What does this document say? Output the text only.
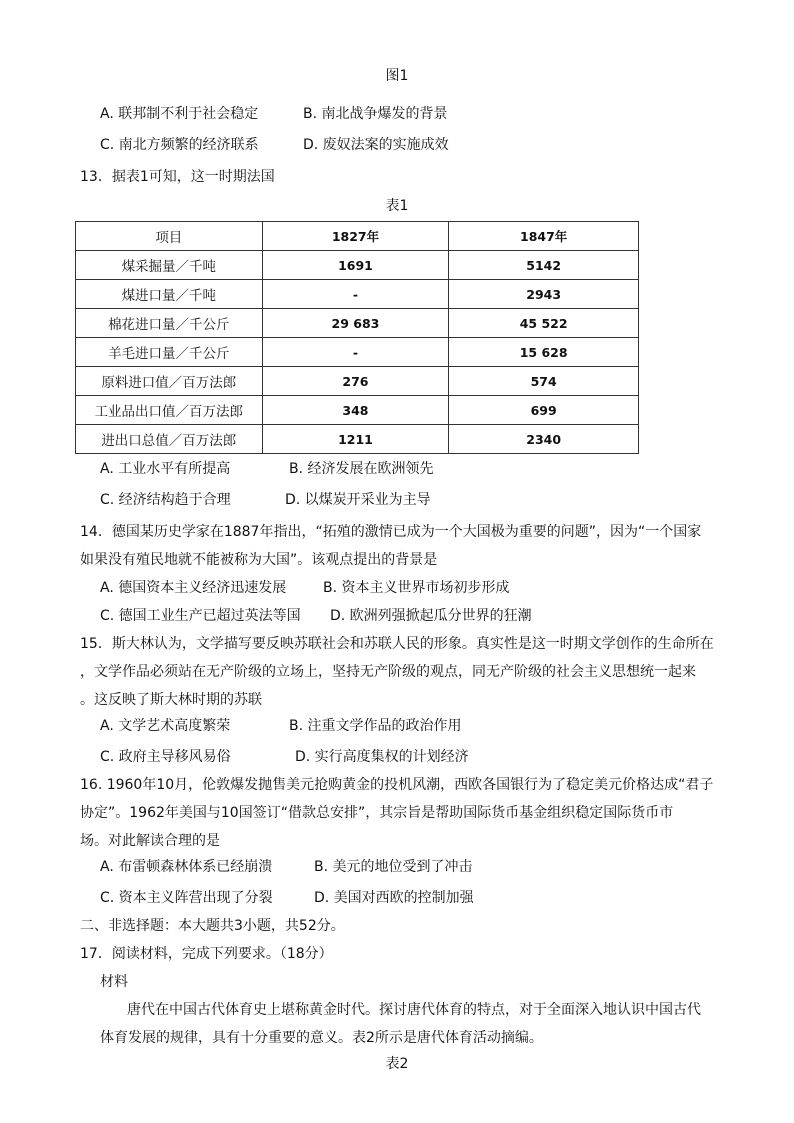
图1
A. 联邦制不利于社会稳定	B. 南北战争爆发的背景
C. 南北方频繁的经济联系	D. 废奴法案的实施成效
13．据表1可知，这一时期法国
表1
项目	1827年	1847年
煤采掘量／千吨	1691	5142
煤进口量／千吨	-	2943
棉花进口量／千公斤	29 683	45 522
羊毛进口量／千公斤	-	15 628
原料进口值／百万法郎	276	574
工业品出口值／百万法郎	348	699
进出口总值／百万法郎	1211	2340
A. 工业水平有所提高	B. 经济发展在欧洲领先
C. 经济结构趋于合理	D. 以煤炭开采业为主导
14．德国某历史学家在1887年指出，“拓殖的激情已成为一个大国极为重要的问题”，因为“一个国家
如果没有殖民地就不能被称为大国”。该观点提出的背景是
A. 德国资本主义经济迅速发展	B. 资本主义世界市场初步形成
C. 德国工业生产已超过英法等国 D. 欧洲列强掀起瓜分世界的狂潮
15．斯大林认为，文学描写要反映苏联社会和苏联人民的形象。真实性是这一时期文学创作的生命所在
，文学作品必须站在无产阶级的立场上，坚持无产阶级的观点，同无产阶级的社会主义思想统一起来
。这反映了斯大林时期的苏联
A. 文学艺术高度繁荣	B. 注重文学作品的政治作用
C. 政府主导移风易俗	D. 实行高度集权的计划经济
16. 1960年10月，伦敦爆发抛售美元抢购黄金的投机风潮，西欧各国银行为了稳定美元价格达成“君子
协定”。1962年美国与10国签订“借款总安排”，其宗旨是帮助国际货币基金组织稳定国际货币市
场。对此解读合理的是
A. 布雷顿森林体系已经崩溃	B. 美元的地位受到了冲击
C. 资本主义阵营出现了分裂	D. 美国对西欧的控制加强
二、非选择题：本大题共3小题，共52分。
17．阅读材料，完成下列要求。（18分）
材料
唐代在中国古代体育史上堪称黄金时代。探讨唐代体育的特点，对于全面深入地认识中国古代
体育发展的规律，具有十分重要的意义。表2所示是唐代体育活动摘编。
表2
